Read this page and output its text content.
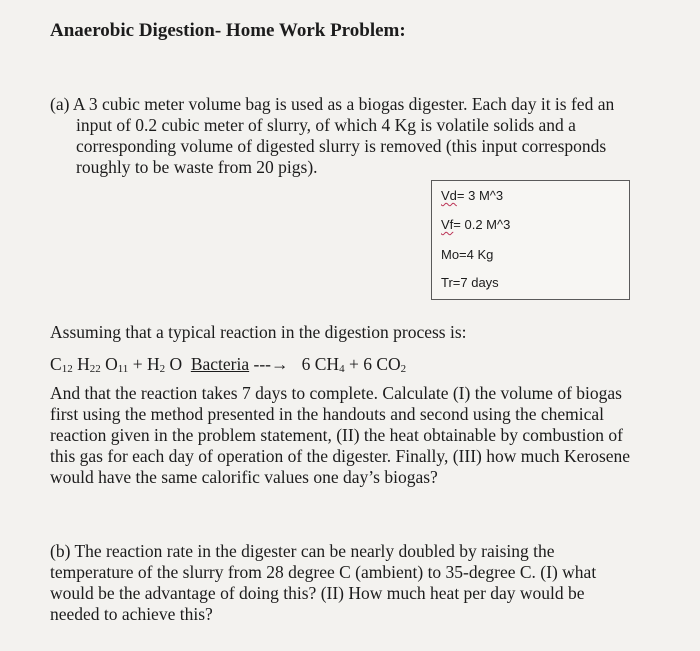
Anaerobic Digestion- Home Work Problem:
(a) A 3 cubic meter volume bag is used as a biogas digester. Each day it is fed an
input of 0.2 cubic meter of slurry, of which 4 Kg is volatile solids and a
corresponding volume of digested slurry is removed (this input corresponds
roughly to be waste from 20 pigs).
Vd= 3 M^3
Vf= 0.2 M^3
Mo=4 Kg
Tr=7 days
Assuming that a typical reaction in the digestion process is:
$C_{12}$ $H_{22}$ $O_{11} + H_2$ O Bacteria ---→ 6 $CH_4 + 6$ $CO_2$
And that the reaction takes 7 days to complete. Calculate (I) the volume of biogas
first using the method presented in the handouts and second using the chemical
reaction given in the problem statement, (II) the heat obtainable by combustion of
this gas for each day of operation of the digester. Finally, (III) how much Kerosene
would have the same calorific values one day’s biogas?
(b) The reaction rate in the digester can be nearly doubled by raising the
temperature of the slurry from 28 degree C (ambient) to 35-degree C. (I) what
would be the advantage of doing this? (II) How much heat per day would be
needed to achieve this?
